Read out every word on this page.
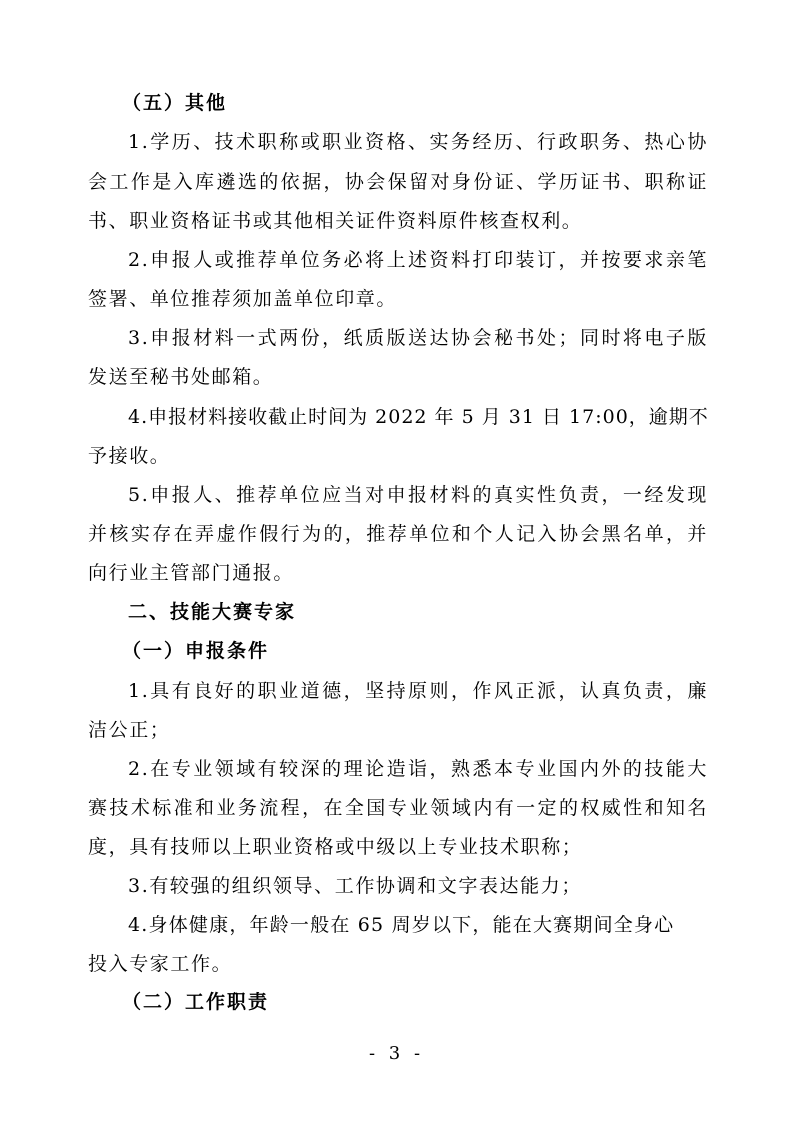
（五）其他
1.学历、技术职称或职业资格、实务经历、行政职务、热心协
会工作是入库遴选的依据，协会保留对身份证、学历证书、职称证
书、职业资格证书或其他相关证件资料原件核查权利。
2.申报人或推荐单位务必将上述资料打印装订，并按要求亲笔
签署、单位推荐须加盖单位印章。
3.申报材料一式两份，纸质版送达协会秘书处；同时将电子版
发送至秘书处邮箱。
4.申报材料接收截止时间为 2022 年 5 月 31 日 17:00，逾期不
予接收。
5.申报人、推荐单位应当对申报材料的真实性负责，一经发现
并核实存在弄虚作假行为的，推荐单位和个人记入协会黑名单，并
向行业主管部门通报。
二、技能大赛专家
（一）申报条件
1.具有良好的职业道德，坚持原则，作风正派，认真负责，廉
洁公正；
2.在专业领域有较深的理论造诣，熟悉本专业国内外的技能大
赛技术标准和业务流程，在全国专业领域内有一定的权威性和知名
度，具有技师以上职业资格或中级以上专业技术职称；
3.有较强的组织领导、工作协调和文字表达能力；
4.身体健康，年龄一般在 65 周岁以下，能在大赛期间全身心
投入专家工作。
（二）工作职责
- 3 -
